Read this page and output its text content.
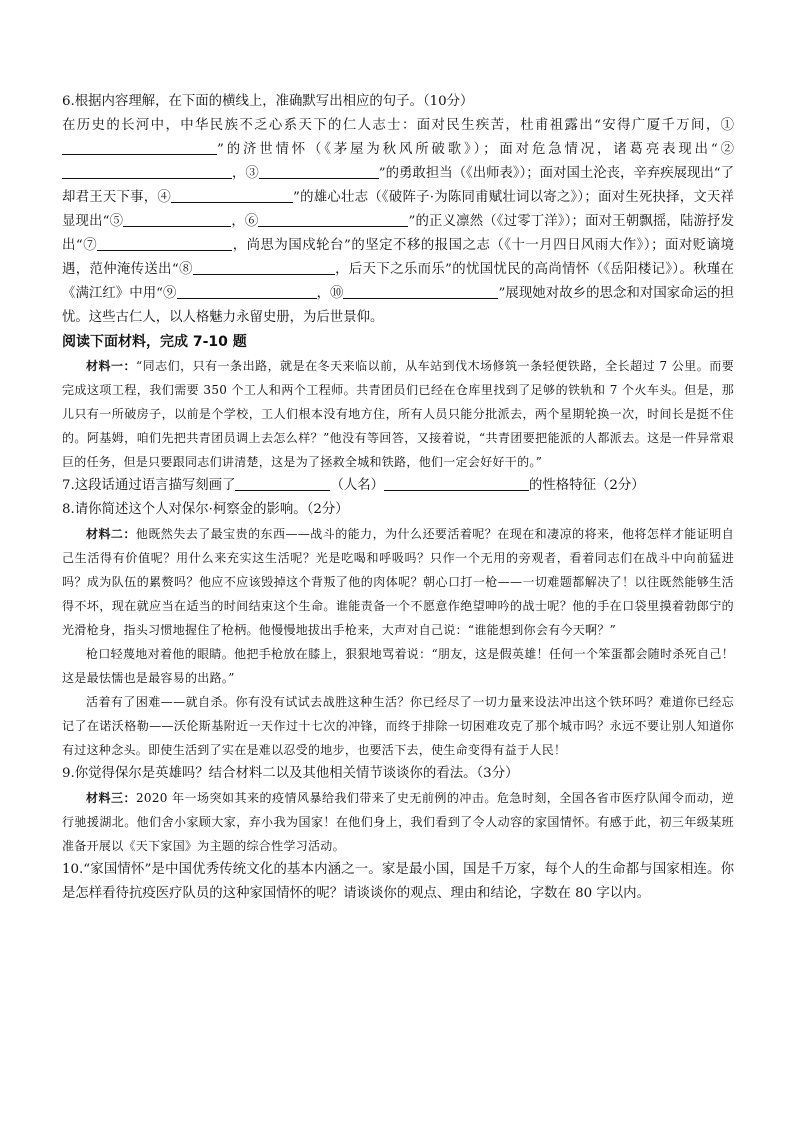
6.根据内容理解，在下面的横线上，准确默写出相应的句子。（10分）

在历史的长河中，中华民族不乏心系天下的仁人志士：面对民生疾苦，杜甫祖露出“安得广厦千万间，①”的济世情怀（《茅屋为秋风所破歌》）；面对危急情况，诸葛亮表现出“②，③	”的勇敢担当（《出师表》）；面对国土沦丧，辛弃疾展现出“了却君王天下事，④	”的雄心壮志（《破阵子·为陈同甫赋壮词以寄之》）；面对生死抉择，文天祥显现出“⑤	，⑥	”的正义凛然（《过零丁洋》）；面对王朝飘摇，陆游抒发出“⑦	，尚思为国戍轮台”的坚定不移的报国之志（《十一月四日风雨大作》）；面对贬谪境遇，范仲淹传送出“⑧	，后天下之乐而乐”的忧国忧民的高尚情怀（《岳阳楼记》）。秋瑾在《满江红》中用“⑨	，⑩	”展现她对故乡的思念和对国家命运的担忧。这些古仁人，以人格魅力永留史册，为后世景仰。

阅读下面材料，完成 7-10 题

材料一：“同志们，只有一条出路，就是在冬天来临以前，从车站到伐木场修筑一条轻便铁路，全长超过 7 公里。而要完成这项工程，我们需要 350 个工人和两个工程师。共青团员们已经在仓库里找到了足够的铁轨和 7 个火车头。但是，那儿只有一所破房子，以前是个学校，工人们根本没有地方住，所有人员只能分批派去，两个星期轮换一次，时间长是挺不住的。阿基姆，咱们先把共青团员调上去怎么样？”他没有等回答，又接着说，“共青团要把能派的人都派去。这是一件异常艰巨的任务，但是只要跟同志们讲清楚，这是为了拯救全城和铁路，他们一定会好好干的。”

7.这段话通过语言描写刻画了	（人名）	的性格特征（2分）

8.请你简述这个人对保尔·柯察金的影响。（2分）

材料二：他既然失去了最宝贵的东西——战斗的能力，为什么还要活着呢？在现在和凄凉的将来，他将怎样才能证明自己生活得有价值呢？用什么来充实这生活呢？光是吃喝和呼吸吗？只作一个无用的旁观者，看着同志们在战斗中向前猛进吗？成为队伍的累赘吗？他应不应该毁掉这个背叛了他的肉体呢？朝心口打一枪——一切难题都解决了！以往既然能够生活得不坏，现在就应当在适当的时间结束这个生命。谁能责备一个不愿意作绝望呻吟的战士呢？他的手在口袋里摸着勃郎宁的光滑枪身，指头习惯地握住了枪柄。他慢慢地拔出手枪来，大声对自己说：“谁能想到你会有今天啊？”

枪口轻蔑地对着他的眼睛。他把手枪放在膝上，狠狠地骂着说：“朋友，这是假英雄！任何一个笨蛋都会随时杀死自己！这是最怯懦也是最容易的出路。”

活着有了困难——就自杀。你有没有试试去战胜这种生活？你已经尽了一切力量来设法冲出这个铁环吗？难道你已经忘记了在诺沃格勒——沃伦斯基附近一天作过十七次的冲锋，而终于排除一切困难攻克了那个城市吗？永远不要让别人知道你有过这种念头。即使生活到了实在是难以忍受的地步，也要活下去，使生命变得有益于人民！

9.你觉得保尔是英雄吗？结合材料二以及其他相关情节谈谈你的看法。（3分）

材料三：2020 年一场突如其来的疫情风暴给我们带来了史无前例的冲击。危急时刻，全国各省市医疗队闻令而动，逆行驰援湖北。他们舍小家顾大家，弃小我为国家！在他们身上，我们看到了令人动容的家国情怀。有感于此，初三年级某班准备开展以《天下家国》为主题的综合性学习活动。

10.“家国情怀”是中国优秀传统文化的基本内涵之一。家是最小国，国是千万家，每个人的生命都与国家相连。你是怎样看待抗疫医疗队员的这种家国情怀的呢？请谈谈你的观点、理由和结论，字数在 80 字以内。
